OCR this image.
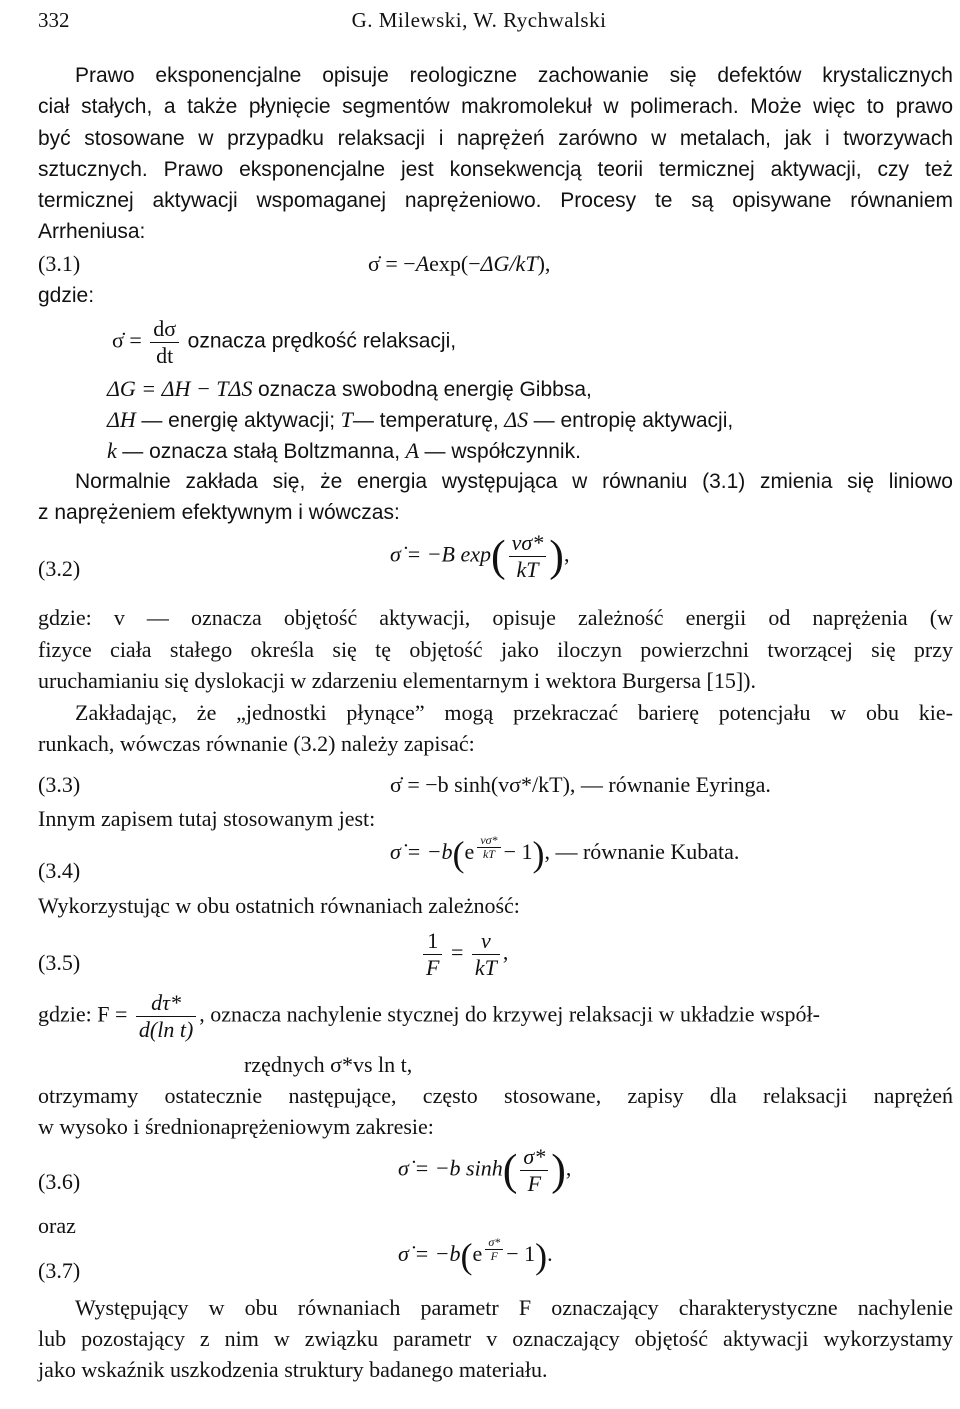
332	G. Milewski, W. Rychwalski
Prawo eksponencjalne opisuje reologiczne zachowanie się defektów krystalicznych
ciał stałych, a także płynięcie segmentów makromolekuł w polimerach. Może więc to prawo
być stosowane w przypadku relaksacji i naprężeń zarówno w metalach, jak i tworzywach
sztucznych. Prawo eksponencjalne jest konsekwencją teorii termicznej aktywacji, czy też
termicznej aktywacji wspomaganej naprężeniowo. Procesy te są opisywane równaniem
Arrheniusa:
(3.1)	σ̇ = −Aexp(−ΔG/kT),
gdzie:
σ̇ = $\frac{d\sigma}{dt}$ oznacza prędkość relaksacji,
ΔG = ΔH − TΔS oznacza swobodną energię Gibbsa,
ΔH — energię aktywacji; T— temperaturę, ΔS — entropię aktywacji,
k — oznacza stałą Boltzmanna, A — współczynnik.
Normalnie zakłada się, że energia występująca w równaniu (3.1) zmienia się liniowo
z naprężeniem efektywnym i wówczas:
(3.2)
σ̇ = −B $\exp( \frac{v\sigma*}{kT}$ ),
gdzie: v — oznacza objętość aktywacji, opisuje zależność energii od naprężenia (w
fizyce ciała stałego określa się tę objętość jako iloczyn powierzchni tworzącej się przy
uruchamianiu się dyslokacji w zdarzeniu elementarnym i wektora Burgersa [15]).
Zakładając, że „jednostki płynące” mogą przekraczać barierę potencjału w obu kie-
runkach, wówczas równanie (3.2) należy zapisać:
(3.3)	σ̇ = −b sinh(vσ*/kT), — równanie Eyringa.
Innym zapisem tutaj stosowanym jest:
(3.4)
σ̇ = $-b(e \frac{v\sigma*}{kT} - 1)$, — równanie Kubata.
Wykorzystując w obu ostatnich równaniach zależność:
(3.5)	$\frac{1}{F} = \frac{v}{kT}$ ,
gdzie: $F = \frac{d\tau*}{\text{d(ln t)}}$ , oznacza nachylenie stycznej do krzywej relaksacji w układzie współ-
rzędnych σ*vs ln t,
otrzymamy ostatecznie następujące, często stosowane, zapisy dla relaksacji naprężeń
w wysoko i średnionaprężeniowym zakresie:
(3.6)
σ̇ = −b $\sinh( \frac{\sigma*}{F}$ ),
oraz
(3.7)
σ̇ = $-b(e \frac{\sigma*}{F} - 1)$.
Występujący w obu równaniach parametr F oznaczający charakterystyczne nachylenie
lub pozostający z nim w związku parametr v oznaczający objętość aktywacji wykorzystamy
jako wskaźnik uszkodzenia struktury badanego materiału.
